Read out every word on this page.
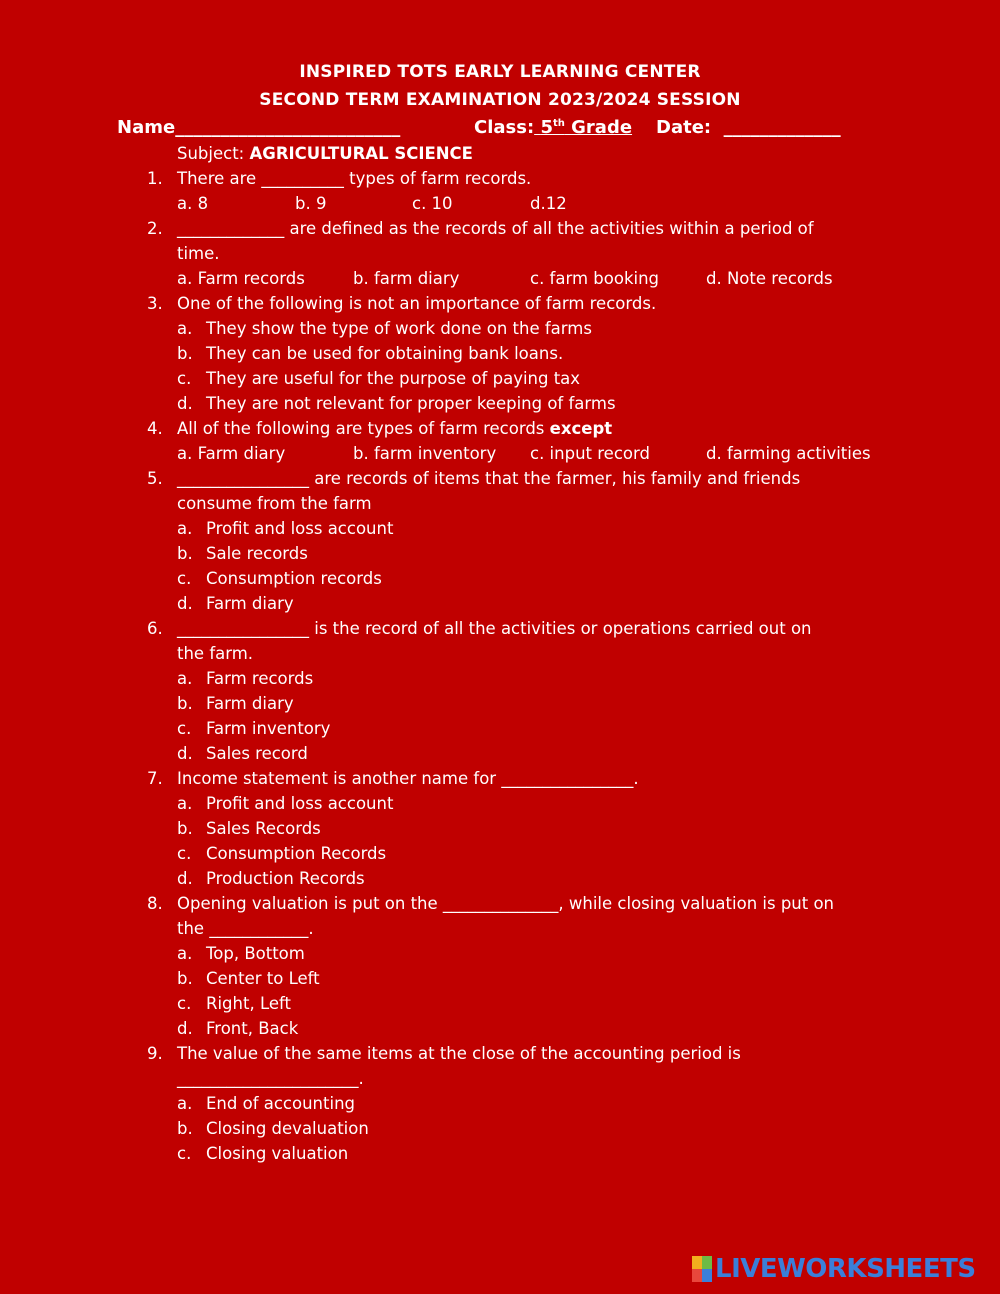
INSPIRED TOTS EARLY LEARNING CENTER
SECOND TERM EXAMINATION 2023/2024 SESSION
Name_________________________	Class: 5th Grade Date: _____________
Subject: AGRICULTURAL SCIENCE
1. There are __________ types of farm records.
a. 8	b. 9	c. 10	d.12
2. _____________ are defined as the records of all the activities within a period of
time.
a. Farm records	b. farm diary	c. farm booking	d. Note records
3. One of the following is not an importance of farm records.
a. They show the type of work done on the farms
b. They can be used for obtaining bank loans.
c. They are useful for the purpose of paying tax
d. They are not relevant for proper keeping of farms
4. All of the following are types of farm records except
a. Farm diary	b. farm inventory c. input record	d. farming activities
5. ________________ are records of items that the farmer, his family and friends
consume from the farm
a. Profit and loss account
b. Sale records
c. Consumption records
d. Farm diary
6. ________________ is the record of all the activities or operations carried out on
the farm.
a. Farm records
b. Farm diary
c. Farm inventory
d. Sales record
7. Income statement is another name for ________________.
a. Profit and loss account
b. Sales Records
c. Consumption Records
d. Production Records
8. Opening valuation is put on the ______________, while closing valuation is put on
the ____________.
a. Top, Bottom
b. Center to Left
c. Right, Left
d. Front, Back
9. The value of the same items at the close of the accounting period is
______________________.
a. End of accounting
b. Closing devaluation
c. Closing valuation
LIVEWORKSHEETS
